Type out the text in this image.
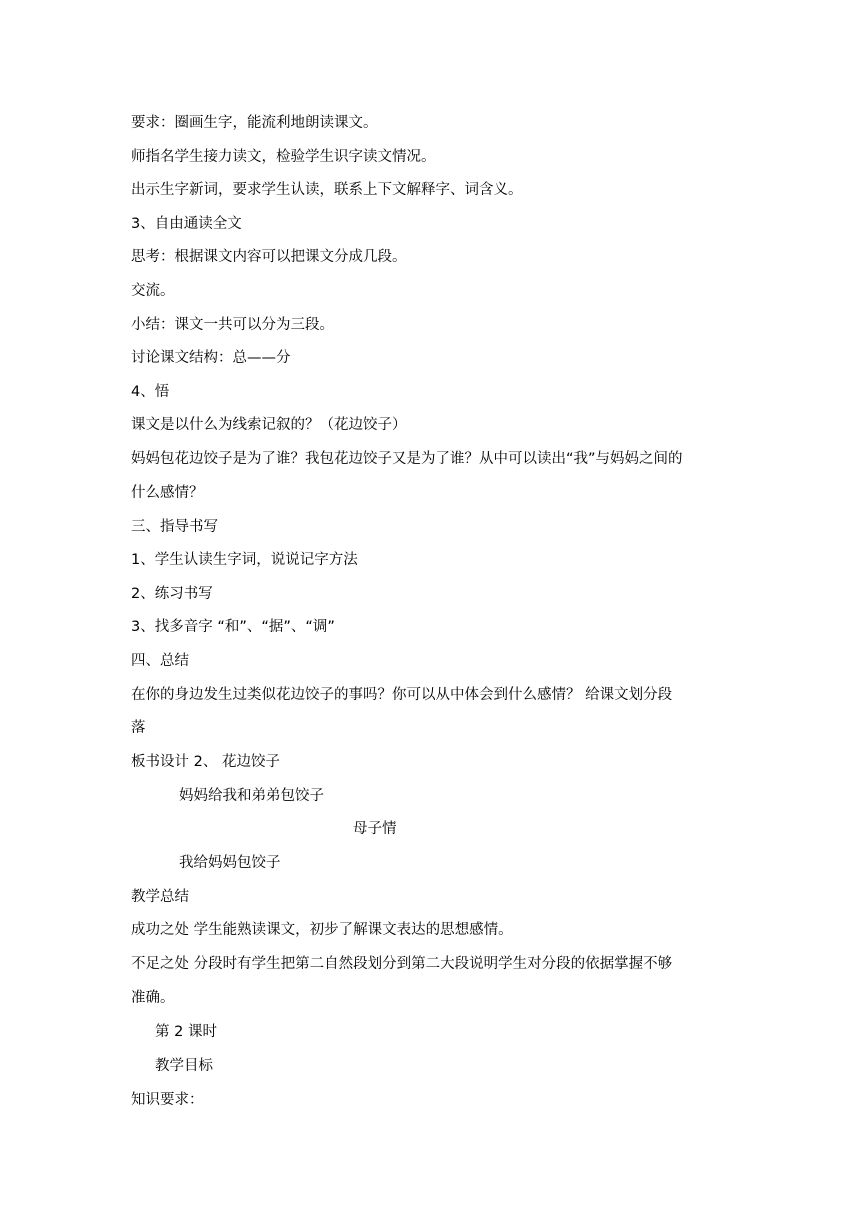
要求：圈画生字，能流利地朗读课文。
师指名学生接力读文，检验学生识字读文情况。
出示生字新词，要求学生认读，联系上下文解释字、词含义。
3、自由通读全文
思考：根据课文内容可以把课文分成几段。
交流。
小结：课文一共可以分为三段。
讨论课文结构：总——分
4、悟
课文是以什么为线索记叙的？（花边饺子）
妈妈包花边饺子是为了谁？我包花边饺子又是为了谁？从中可以读出“我”与妈妈之间的
什么感情？
三、指导书写
1、学生认读生字词，说说记字方法
2、练习书写
3、找多音字 “和”、“据”、“调”
四、总结
在你的身边发生过类似花边饺子的事吗？你可以从中体会到什么感情？ 给课文划分段
落
板书设计 2、 花边饺子
妈妈给我和弟弟包饺子
母子情
我给妈妈包饺子
教学总结
成功之处 学生能熟读课文，初步了解课文表达的思想感情。
不足之处 分段时有学生把第二自然段划分到第二大段说明学生对分段的依据掌握不够
准确。
第 2 课时
教学目标
知识要求：
